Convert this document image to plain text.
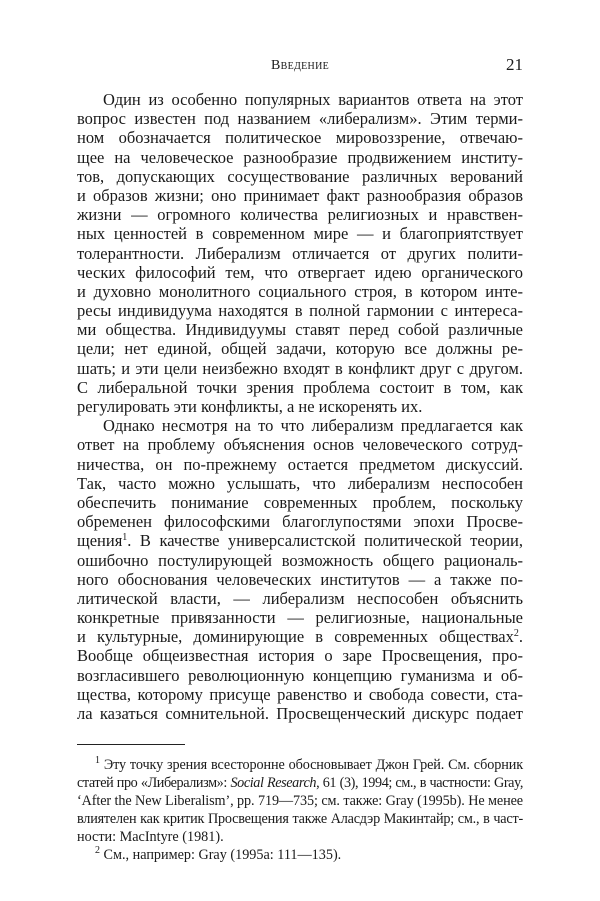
Введение	21
Один из особенно популярных вариантов ответа на этот
вопрос известен под названием «либерализм». Этим терми-
ном обозначается политическое мировоззрение, отвечаю-
щее на человеческое разнообразие продвижением институ-
тов, допускающих сосуществование различных верований
и образов жизни; оно принимает факт разнообразия образов
жизни — огромного количества религиозных и нравствен-
ных ценностей в современном мире — и благоприятствует
толерантности. Либерализм отличается от других полити-
ческих философий тем, что отвергает идею органического
и духовно монолитного социального строя, в котором инте-
ресы индивидуума находятся в полной гармонии с интереса-
ми общества. Индивидуумы ставят перед собой различные
цели; нет единой, общей задачи, которую все должны ре-
шать; и эти цели неизбежно входят в конфликт друг с другом.
С либеральной точки зрения проблема состоит в том, как
регулировать эти конфликты, а не искоренять их.
Однако несмотря на то что либерализм предлагается как
ответ на проблему объяснения основ человеческого сотруд-
ничества, он по-прежнему остается предметом дискуссий.
Так, часто можно услышать, что либерализм неспособен
обеспечить понимание современных проблем, поскольку
обременен философскими благоглупостями эпохи Просве-
щения$^1$. В качестве универсалистской политической теории,
ошибочно постулирующей возможность общего рациональ-
ного обоснования человеческих институтов — а также по-
литической власти, — либерализм неспособен объяснить
конкретные привязанности — религиозные, национальные
и культурные, доминирующие в современных обществах$^2$.
Вообще общеизвестная история о заре Просвещения, про-
возгласившего революционную концепцию гуманизма и об-
щества, которому присуще равенство и свобода совести, ста-
ла казаться сомнительной. Просвещенческий дискурс подает
$^1$ Эту точку зрения всесторонне обосновывает Джон Грей. См. сборник
статей про «Либерализм»: Social Research, 61 (3), 1994; см., в частности: Gray,
‘After the New Liberalism’, pp. 719—735; см. также: Gray (1995b). Не менее
влиятелен как критик Просвещения также Аласдэр Макинтайр; см., в част-
ности: MacIntyre (1981).
$^2$ См., например: Gray (1995a: 111—135).
